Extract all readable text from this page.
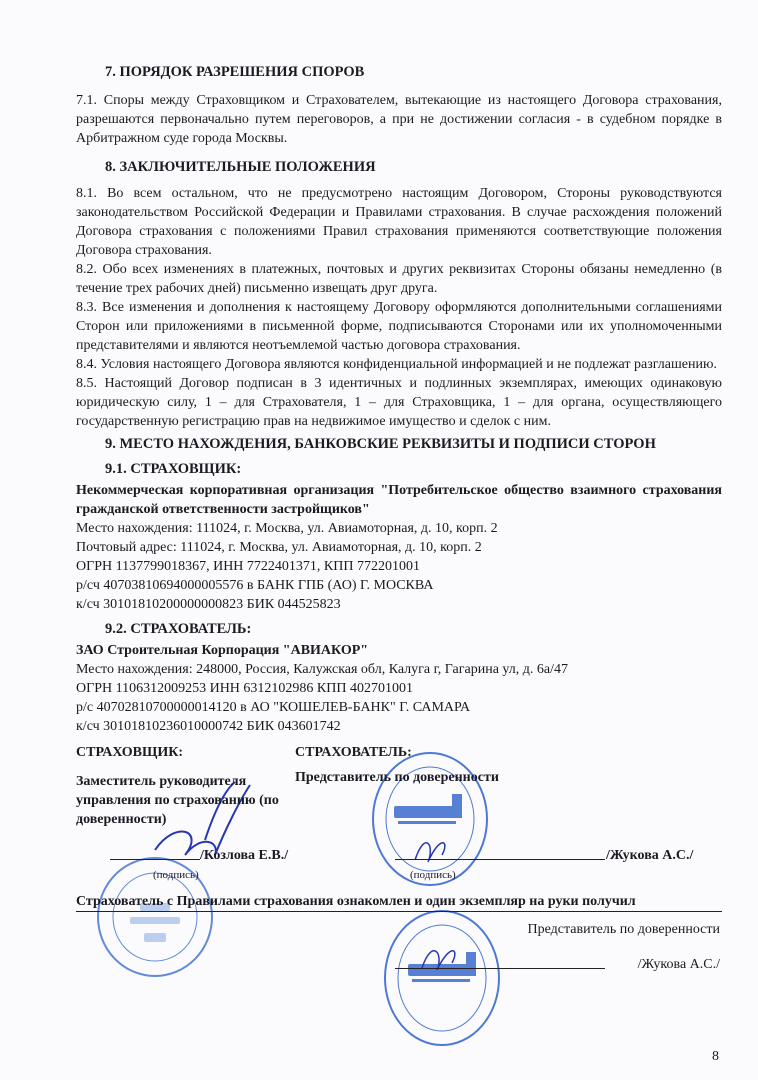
7. ПОРЯДОК РАЗРЕШЕНИЯ СПОРОВ
7.1. Споры между Страховщиком и Страхователем, вытекающие из настоящего Договора страхования, разрешаются первоначально путем переговоров, а при не достижении согласия - в судебном порядке в Арбитражном суде города Москвы.
8. ЗАКЛЮЧИТЕЛЬНЫЕ ПОЛОЖЕНИЯ
8.1. Во всем остальном, что не предусмотрено настоящим Договором, Стороны руководствуются законодательством Российской Федерации и Правилами страхования. В случае расхождения положений Договора страхования с положениями Правил страхования применяются соответствующие положения Договора страхования.
8.2. Обо всех изменениях в платежных, почтовых и других реквизитах Стороны обязаны немедленно (в течение трех рабочих дней) письменно извещать друг друга.
8.3. Все изменения и дополнения к настоящему Договору оформляются дополнительными соглашениями Сторон или приложениями в письменной форме, подписываются Сторонами или их уполномоченными представителями и являются неотъемлемой частью договора страхования.
8.4. Условия настоящего Договора являются конфиденциальной информацией и не подлежат разглашению.
8.5. Настоящий Договор подписан в 3 идентичных и подлинных экземплярах, имеющих одинаковую юридическую силу, 1 – для Страхователя, 1 – для Страховщика, 1 – для органа, осуществляющего государственную регистрацию прав на недвижимое имущество и сделок с ним.
9. МЕСТО НАХОЖДЕНИЯ, БАНКОВСКИЕ РЕКВИЗИТЫ И ПОДПИСИ СТОРОН
9.1. СТРАХОВЩИК:
Некоммерческая корпоративная организация "Потребительское общество взаимного страхования гражданской ответственности застройщиков"
Место нахождения: 111024, г. Москва, ул. Авиамоторная, д. 10, корп. 2
Почтовый адрес: 111024, г. Москва, ул. Авиамоторная, д. 10, корп. 2
ОГРН 1137799018367, ИНН 7722401371, КПП 772201001
р/сч 40703810694000005576 в БАНК ГПБ (АО) Г. МОСКВА
к/сч 30101810200000000823 БИК 044525823
9.2. СТРАХОВАТЕЛЬ:
ЗАО Строительная Корпорация "АВИАКОР"
Место нахождения: 248000, Россия, Калужская обл, Калуга г, Гагарина ул, д. 6а/47
ОГРН 1106312009253 ИНН 6312102986 КПП 402701001
р/с 40702810700000014120 в АО "КОШЕЛЕВ-БАНК" Г. САМАРА
к/сч 30101810236010000742 БИК 043601742
СТРАХОВЩИК:	СТРАХОВАТЕЛЬ:
Заместитель руководителя
управления по страхованию (по
доверенности)
Представитель по доверенности
/Козлова Е.В./
(подпись)
/Жукова А.С./
(подпись)
Страхователь с Правилами страхования ознакомлен и один экземпляр на руки получил
Представитель по доверенности
/Жукова А.С./
8
